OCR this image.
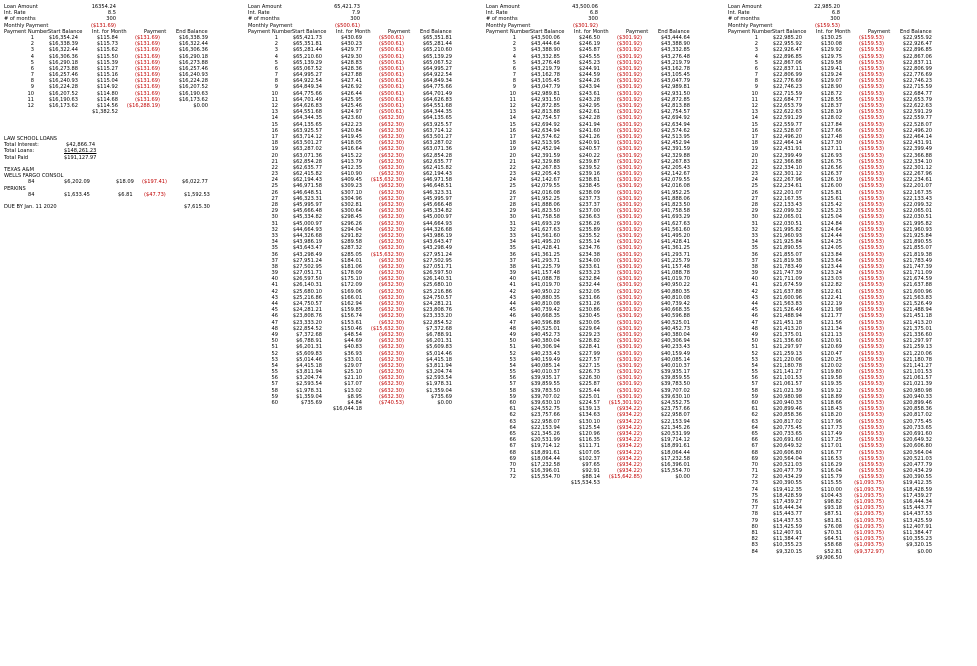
Loan Amount	16354.24
Int. Rate	8.5
# of months	300
Monthly Payment	($131.69)
Payment Number Start Balance Int. for Month	Payment End Balance
1	$16,354.24	$115.84	($131.69)	$16,338.39
2	$16,338.39	$115.73	($131.69)	$16,322.44
3	$16,322.44	$115.62	($131.69)	$16,306.36
4	$16,306.36	$115.50	($131.69)	$16,290.18
5	$16,290.18	$115.39	($131.69)	$16,273.88
6	$16,273.88	$115.27	($131.69)	$16,257.46
7	$16,257.46	$115.16	($131.69)	$16,240.93
8	$16,240.93	$115.04	($131.69)	$16,224.28
9	$16,224.28	$114.92	($131.69)	$16,207.52
10	$16,207.52	$114.80	($131.69)	$16,190.63
11	$16,190.63	$114.68	($131.69)	$16,173.62
12	$16,173.62	$114.56	($16,288.19)	$0.00
$1,382.52
Loan Amount	65,421.73
Int. Rate	7.9
# of months	300
Monthly Payment	($500.61)
Payment Number Start Balance Int. for Month	Payment End Balance
1	$65,421.73	$430.69	($500.61)	$65,351.81
2	$65,351.81	$430.23	($500.61)	$65,281.44
3	$65,281.44	$429.77	($500.61)	$65,210.60
4	$65,210.60	$429.30	($500.61)	$65,139.29
5	$65,139.29	$428.83	($500.61)	$65,067.52
6	$65,067.52	$428.36	($500.61)	$64,995.27
7	$64,995.27	$427.88	($500.61)	$64,922.54
8	$64,922.54	$427.41	($500.61)	$64,849.34
9	$64,849.34	$426.92	($500.61)	$64,775.66
10	$64,775.66	$426.44	($500.61)	$64,701.49
11	$64,701.49	$425.95	($500.61)	$64,626.83
12	$64,626.83	$425.46	($500.61)	$64,551.68
13	$64,551.68	$424.97	($500.61)	$64,344.35
14	$64,344.35	$423.60	($632.30)	$64,135.65
15	$64,135.65	$422.23	($632.30)	$63,925.57
16	$63,925.57	$420.84	($632.30)	$63,714.12
17	$63,714.12	$419.45	($632.30)	$63,501.27
18	$63,501.27	$418.05	($632.30)	$63,287.02
19	$63,287.02	$416.64	($632.30)	$63,071.36
20	$63,071.36	$415.22	($632.30)	$62,854.28
21	$62,854.28	$413.79	($632.30)	$62,635.77
22	$62,635.77	$412.35	($632.30)	$62,415.82
23	$62,415.82	$410.90	($632.30)	$62,194.43
24	$62,194.43	$409.45	($15,632.30)	$46,971.58
25	$46,971.58	$309.23	($632.30)	$46,648.51
26	$46,648.51	$307.10	($632.30)	$46,323.31
27	$46,323.31	$304.96	($632.30)	$45,995.97
28	$45,995.97	$302.81	($632.30)	$45,666.48
29	$45,666.48	$300.64	($632.30)	$45,334.82
30	$45,334.82	$298.45	($632.30)	$45,000.97
31	$45,000.97	$296.26	($632.30)	$44,664.93
32	$44,664.93	$294.04	($632.30)	$44,326.68
33	$44,326.68	$291.82	($632.30)	$43,986.19
34	$43,986.19	$289.58	($632.30)	$43,643.47
35	$43,643.47	$287.32	($632.30)	$43,298.49
36	$43,298.49	$285.05	($15,632.30)	$27,951.24
37	$27,951.24	$184.01	($632.30)	$27,502.95
38	$27,502.95	$181.06	($632.30)	$27,051.71
39	$27,051.71	$178.09	($632.30)	$26,597.50
40	$26,597.50	$175.10	($632.30)	$26,140.31
41	$26,140.31	$172.09	($632.30)	$25,680.10
42	$25,680.10	$169.06	($632.30)	$25,216.86
43	$25,216.86	$166.01	($632.30)	$24,750.57
44	$24,750.57	$162.94	($632.30)	$24,281.21
45	$24,281.21	$159.85	($632.30)	$23,808.76
46	$23,808.76	$156.74	($632.30)	$23,333.20
47	$23,333.20	$153.61	($632.30)	$22,854.52
48	$22,854.52	$150.46	($15,632.30)	$7,372.68
49	$7,372.68	$48.54	($632.30)	$6,788.91
50	$6,788.91	$44.69	($632.30)	$6,201.31
51	$6,201.31	$40.83	($632.30)	$5,609.83
52	$5,609.83	$36.93	($632.30)	$5,014.46
53	$5,014.46	$33.01	($632.30)	$4,415.18
54	$4,415.18	$29.07	($632.30)	$3,811.94
55	$3,811.94	$25.10	($632.30)	$3,204.74
56	$3,204.74	$21.10	($632.30)	$2,593.54
57	$2,593.54	$17.07	($632.30)	$1,978.31
58	$1,978.31	$13.02	($632.30)	$1,359.04
59	$1,359.04	$8.95	($632.30)	$735.69
60	$735.69	$4.84	($740.53)	$0.00
$16,044.18
Loan Amount	43,500.06
Int. Rate	6.8
# of months	300
Monthly Payment	($301.92)
Payment Number Start Balance Int. for Month	Payment End Balance
1	$43,500.06	$246.50	($301.92)	$43,444.64
2	$43,444.64	$246.19	($301.92)	$43,388.90
3	$43,388.90	$245.87	($301.92)	$43,332.85
4	$43,332.85	$245.55	($301.92)	$43,276.48
5	$43,276.48	$245.23	($301.92)	$43,219.79
6	$43,219.79	$244.91	($301.92)	$43,162.78
7	$43,162.78	$244.59	($301.92)	$43,105.45
8	$43,105.45	$244.26	($301.92)	$43,047.79
9	$43,047.79	$243.94	($301.92)	$42,989.81
10	$42,989.81	$243.61	($301.92)	$42,931.50
11	$42,931.50	$243.28	($301.92)	$42,872.85
12	$42,872.85	$242.95	($301.92)	$42,813.88
13	$42,813.88	$242.61	($301.92)	$42,754.57
14	$42,754.57	$242.28	($301.92)	$42,694.92
15	$42,694.92	$241.94	($301.92)	$42,634.94
16	$42,634.94	$241.60	($301.92)	$42,574.62
17	$42,574.62	$241.26	($301.92)	$42,513.95
18	$42,513.95	$240.91	($301.92)	$42,452.94
19	$42,452.94	$240.57	($301.92)	$42,391.59
20	$42,391.59	$240.22	($301.92)	$42,329.88
21	$42,329.88	$239.87	($301.92)	$42,267.83
22	$42,267.83	$239.52	($301.92)	$42,205.43
23	$42,205.43	$239.16	($301.92)	$42,142.67
24	$42,142.67	$238.81	($301.92)	$42,079.55
25	$42,079.55	$238.45	($301.92)	$42,016.08
26	$42,016.08	$238.09	($301.92)	$41,952.25
27	$41,952.25	$237.73	($301.92)	$41,888.06
28	$41,888.06	$237.37	($301.92)	$41,823.50
29	$41,823.50	$237.00	($301.92)	$41,758.58
30	$41,758.58	$236.63	($301.92)	$41,693.29
31	$41,693.29	$236.26	($301.92)	$41,627.63
32	$41,627.63	$235.89	($301.92)	$41,561.60
33	$41,561.60	$235.52	($301.92)	$41,495.20
34	$41,495.20	$235.14	($301.92)	$41,428.41
35	$41,428.41	$234.76	($301.92)	$41,361.25
36	$41,361.25	$234.38	($301.92)	$41,293.71
37	$41,293.71	$234.00	($301.92)	$41,225.79
38	$41,225.79	$233.61	($301.92)	$41,157.48
39	$41,157.48	$233.23	($301.92)	$41,088.78
40	$41,088.78	$232.84	($301.92)	$41,019.70
41	$41,019.70	$232.44	($301.92)	$40,950.22
42	$40,950.22	$232.05	($301.92)	$40,880.35
43	$40,880.35	$231.66	($301.92)	$40,810.08
44	$40,810.08	$231.26	($301.92)	$40,739.42
45	$40,739.42	$230.86	($301.92)	$40,668.35
46	$40,668.35	$230.45	($301.92)	$40,596.88
47	$40,596.88	$230.05	($301.92)	$40,525.01
48	$40,525.01	$229.64	($301.92)	$40,452.73
49	$40,452.73	$229.23	($301.92)	$40,380.04
50	$40,380.04	$228.82	($301.92)	$40,306.94
51	$40,306.94	$228.41	($301.92)	$40,233.43
52	$40,233.43	$227.99	($301.92)	$40,159.49
53	$40,159.49	$227.57	($301.92)	$40,085.14
54	$40,085.14	$227.15	($301.92)	$40,010.37
55	$40,010.37	$226.73	($301.92)	$39,935.17
56	$39,935.17	$226.30	($301.92)	$39,859.55
57	$39,859.55	$225.87	($301.92)	$39,783.50
58	$39,783.50	$225.44	($301.92)	$39,707.02
59	$39,707.02	$225.01	($301.92)	$39,630.10
60	$39,630.10	$224.57	($15,301.92)	$24,552.75
61	$24,552.75	$139.13	($934.22)	$23,757.66
62	$23,757.66	$134.63	($934.22)	$22,958.07
63	$22,958.07	$130.10	($934.22)	$22,153.94
64	$22,153.94	$125.54	($934.22)	$21,345.26
65	$21,345.26	$120.96	($934.22)	$20,531.99
66	$20,531.99	$116.35	($934.22)	$19,714.12
67	$19,714.12	$111.71	($934.22)	$18,891.61
68	$18,891.61	$107.05	($934.22)	$18,064.44
69	$18,064.44	$102.37	($934.22)	$17,232.58
70	$17,232.58	$97.65	($934.22)	$16,396.01
71	$16,396.01	$92.91	($934.22)	$15,554.70
72	$15,554.70	$88.14	($15,642.85)	$0.00
$15,534.53
Loan Amount	22,985.20
Int. Rate	6.8
# of months	300
Monthly Payment	($159.53)
Payment Number Start Balance Int. for Month	Payment End Balance
1	$22,985.20	$130.25	($159.53)	$22,955.92
2	$22,955.92	$130.08	($159.53)	$22,926.47
3	$22,926.47	$129.92	($159.53)	$22,896.85
4	$22,896.85	$129.75	($159.53)	$22,867.06
5	$22,867.06	$129.58	($159.53)	$22,837.11
6	$22,837.11	$129.41	($159.53)	$22,806.99
7	$22,806.99	$129.24	($159.53)	$22,776.69
8	$22,776.69	$129.07	($159.53)	$22,746.23
9	$22,746.23	$128.90	($159.53)	$22,715.59
10	$22,715.59	$128.72	($159.53)	$22,684.77
11	$22,684.77	$128.55	($159.53)	$22,653.79
12	$22,653.79	$128.37	($159.53)	$22,622.63
13	$22,622.63	$128.19	($159.53)	$22,591.29
14	$22,591.29	$128.02	($159.53)	$22,559.77
15	$22,559.77	$127.84	($159.53)	$22,528.07
16	$22,528.07	$127.66	($159.53)	$22,496.20
17	$22,496.20	$127.48	($159.53)	$22,464.14
18	$22,464.14	$127.30	($159.53)	$22,431.91
19	$22,431.91	$127.11	($159.53)	$22,399.49
20	$22,399.49	$126.93	($159.53)	$22,366.88
21	$22,366.88	$126.75	($159.53)	$22,334.10
22	$22,334.10	$126.56	($159.53)	$22,301.12
23	$22,301.12	$126.37	($159.53)	$22,267.96
24	$22,267.96	$126.19	($159.53)	$22,234.61
25	$22,234.61	$126.00	($159.53)	$22,201.07
26	$22,201.07	$125.81	($159.53)	$22,167.35
27	$22,167.35	$125.61	($159.53)	$22,133.43
28	$22,133.43	$125.42	($159.53)	$22,099.32
29	$22,099.32	$125.23	($159.53)	$22,065.01
30	$22,065.01	$125.04	($159.53)	$22,030.51
31	$22,030.51	$124.84	($159.53)	$21,995.82
32	$21,995.82	$124.64	($159.53)	$21,960.93
33	$21,960.93	$124.44	($159.53)	$21,925.84
34	$21,925.84	$124.25	($159.53)	$21,890.55
35	$21,890.55	$124.05	($159.53)	$21,855.07
36	$21,855.07	$123.84	($159.53)	$21,819.38
37	$21,819.38	$123.64	($159.53)	$21,783.49
38	$21,783.49	$123.44	($159.53)	$21,747.39
39	$21,747.39	$123.24	($159.53)	$21,711.09
40	$21,711.09	$123.03	($159.53)	$21,674.59
41	$21,674.59	$122.82	($159.53)	$21,637.88
42	$21,637.88	$122.61	($159.53)	$21,600.96
43	$21,600.96	$122.41	($159.53)	$21,563.83
44	$21,563.83	$122.19	($159.53)	$21,526.49
45	$21,526.49	$121.98	($159.53)	$21,488.94
46	$21,488.94	$121.77	($159.53)	$21,451.18
47	$21,451.18	$121.56	($159.53)	$21,413.20
48	$21,413.20	$121.34	($159.53)	$21,375.01
49	$21,375.01	$121.13	($159.53)	$21,336.60
50	$21,336.60	$120.91	($159.53)	$21,297.97
51	$21,297.97	$120.69	($159.53)	$21,259.13
52	$21,259.13	$120.47	($159.53)	$21,220.06
53	$21,220.06	$120.25	($159.53)	$21,180.78
54	$21,180.78	$120.02	($159.53)	$21,141.27
55	$21,141.27	$119.80	($159.53)	$21,101.53
56	$21,101.53	$119.58	($159.53)	$21,061.57
57	$21,061.57	$119.35	($159.53)	$21,021.39
58	$21,021.39	$119.12	($159.53)	$20,980.98
59	$20,980.98	$118.89	($159.53)	$20,940.33
60	$20,940.33	$118.66	($159.53)	$20,899.46
61	$20,899.46	$118.43	($159.53)	$20,858.36
62	$20,858.36	$118.20	($159.53)	$20,817.02
63	$20,817.02	$117.96	($159.53)	$20,775.45
64	$20,775.45	$117.73	($159.53)	$20,733.65
65	$20,733.65	$117.49	($159.53)	$20,691.60
66	$20,691.60	$117.25	($159.53)	$20,649.32
67	$20,649.32	$117.01	($159.53)	$20,606.80
68	$20,606.80	$116.77	($159.53)	$20,564.04
69	$20,564.04	$116.53	($159.53)	$20,521.03
70	$20,521.03	$116.29	($159.53)	$20,477.79
71	$20,477.79	$116.04	($159.53)	$20,434.29
72	$20,434.29	$115.79	($159.53)	$20,390.55
73	$20,390.55	$115.55	($1,093.75)	$19,412.35
74	$19,412.35	$110.00	($1,093.75)	$18,428.59
75	$18,428.59	$104.43	($1,093.75)	$17,439.27
76	$17,439.27	$98.82	($1,093.75)	$16,444.34
77	$16,444.34	$93.18	($1,093.75)	$15,443.77
78	$15,443.77	$87.51	($1,093.75)	$14,437.53
79	$14,437.53	$81.81	($1,093.75)	$13,425.59
80	$13,425.59	$76.08	($1,093.75)	$12,407.91
81	$12,407.91	$70.31	($1,093.75)	$11,384.47
82	$11,384.47	$64.51	($1,093.75)	$10,355.23
83	$10,355.23	$58.68	($1,093.75)	$9,320.15
84	$9,320.15	$52.81	($9,372.97)	$0.00
$9,906.50
LAW SCHOOL LOANS
Total Interest:	$42,866.74
Total Loans:	$148,261.23
Total Paid	$191,127.97
TEXAS A&M
WELLS FARGO CONSOL
84	$6,202.09	$18.09 ($197.41)	$6,022.77
PERKINS
84	$1,633.45	$6.81 ($47.73)	$1,592.53
DUE BY Jan. 11 2020	$7,615.30
